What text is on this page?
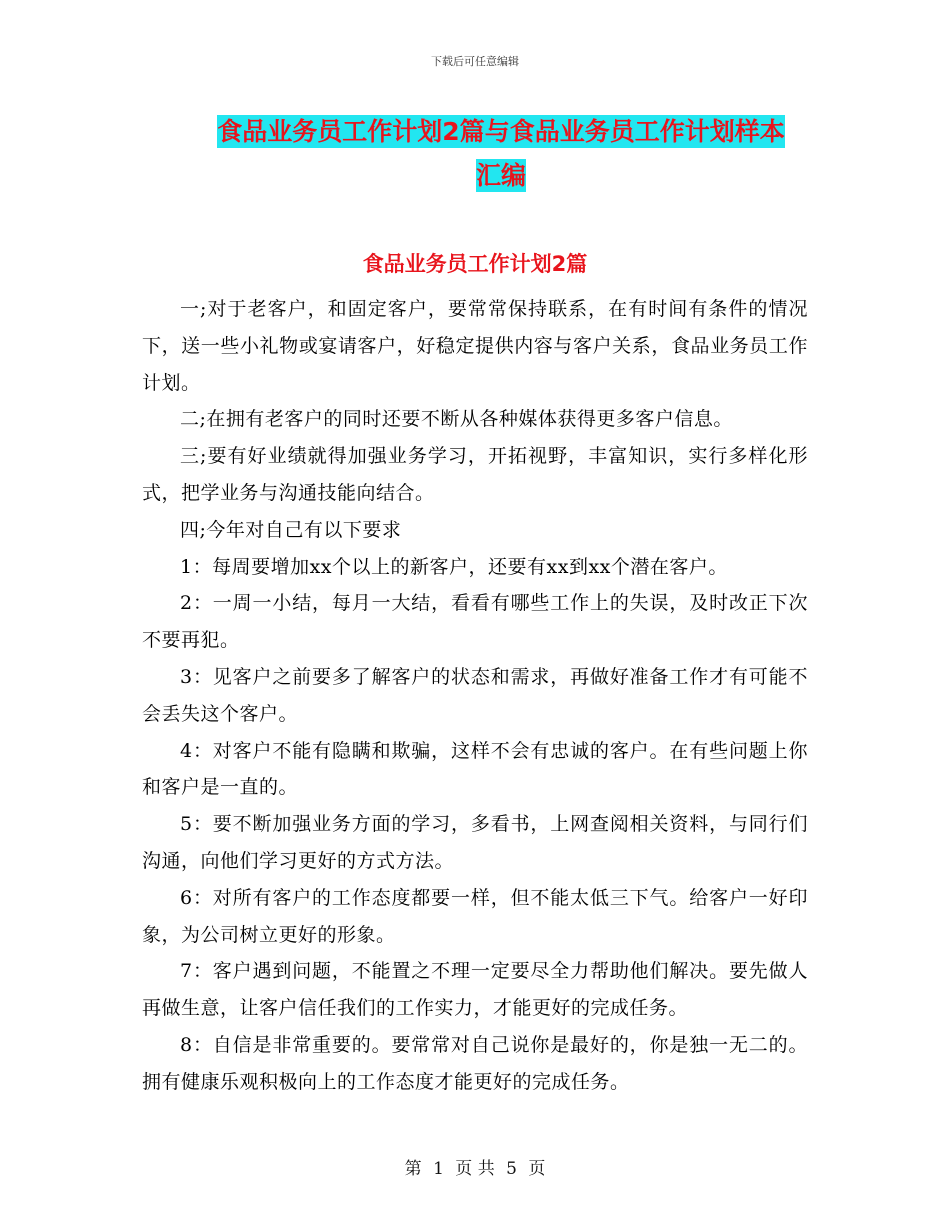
下载后可任意编辑
食品业务员工作计划2篇与食品业务员工作计划样本
汇编
食品业务员工作计划2篇

一;对于老客户，和固定客户，要常常保持联系，在有时间有条件的情况下，送一些小礼物或宴请客户，好稳定提供内容与客户关系，食品业务员工作计划。

二;在拥有老客户的同时还要不断从各种媒体获得更多客户信息。

三;要有好业绩就得加强业务学习，开拓视野，丰富知识，实行多样化形式，把学业务与沟通技能向结合。

四;今年对自己有以下要求

1：每周要增加xx个以上的新客户，还要有xx到xx个潜在客户。

2：一周一小结，每月一大结，看看有哪些工作上的失误，及时改正下次不要再犯。

3：见客户之前要多了解客户的状态和需求，再做好准备工作才有可能不会丢失这个客户。

4：对客户不能有隐瞒和欺骗，这样不会有忠诚的客户。在有些问题上你和客户是一直的。

5：要不断加强业务方面的学习，多看书，上网查阅相关资料，与同行们沟通，向他们学习更好的方式方法。

6：对所有客户的工作态度都要一样，但不能太低三下气。给客户一好印象，为公司树立更好的形象。

7：客户遇到问题，不能置之不理一定要尽全力帮助他们解决。要先做人再做生意，让客户信任我们的工作实力，才能更好的完成任务。

8：自信是非常重要的。要常常对自己说你是最好的，你是独一无二的。拥有健康乐观积极向上的工作态度才能更好的完成任务。

第 1 页 共 5 页
